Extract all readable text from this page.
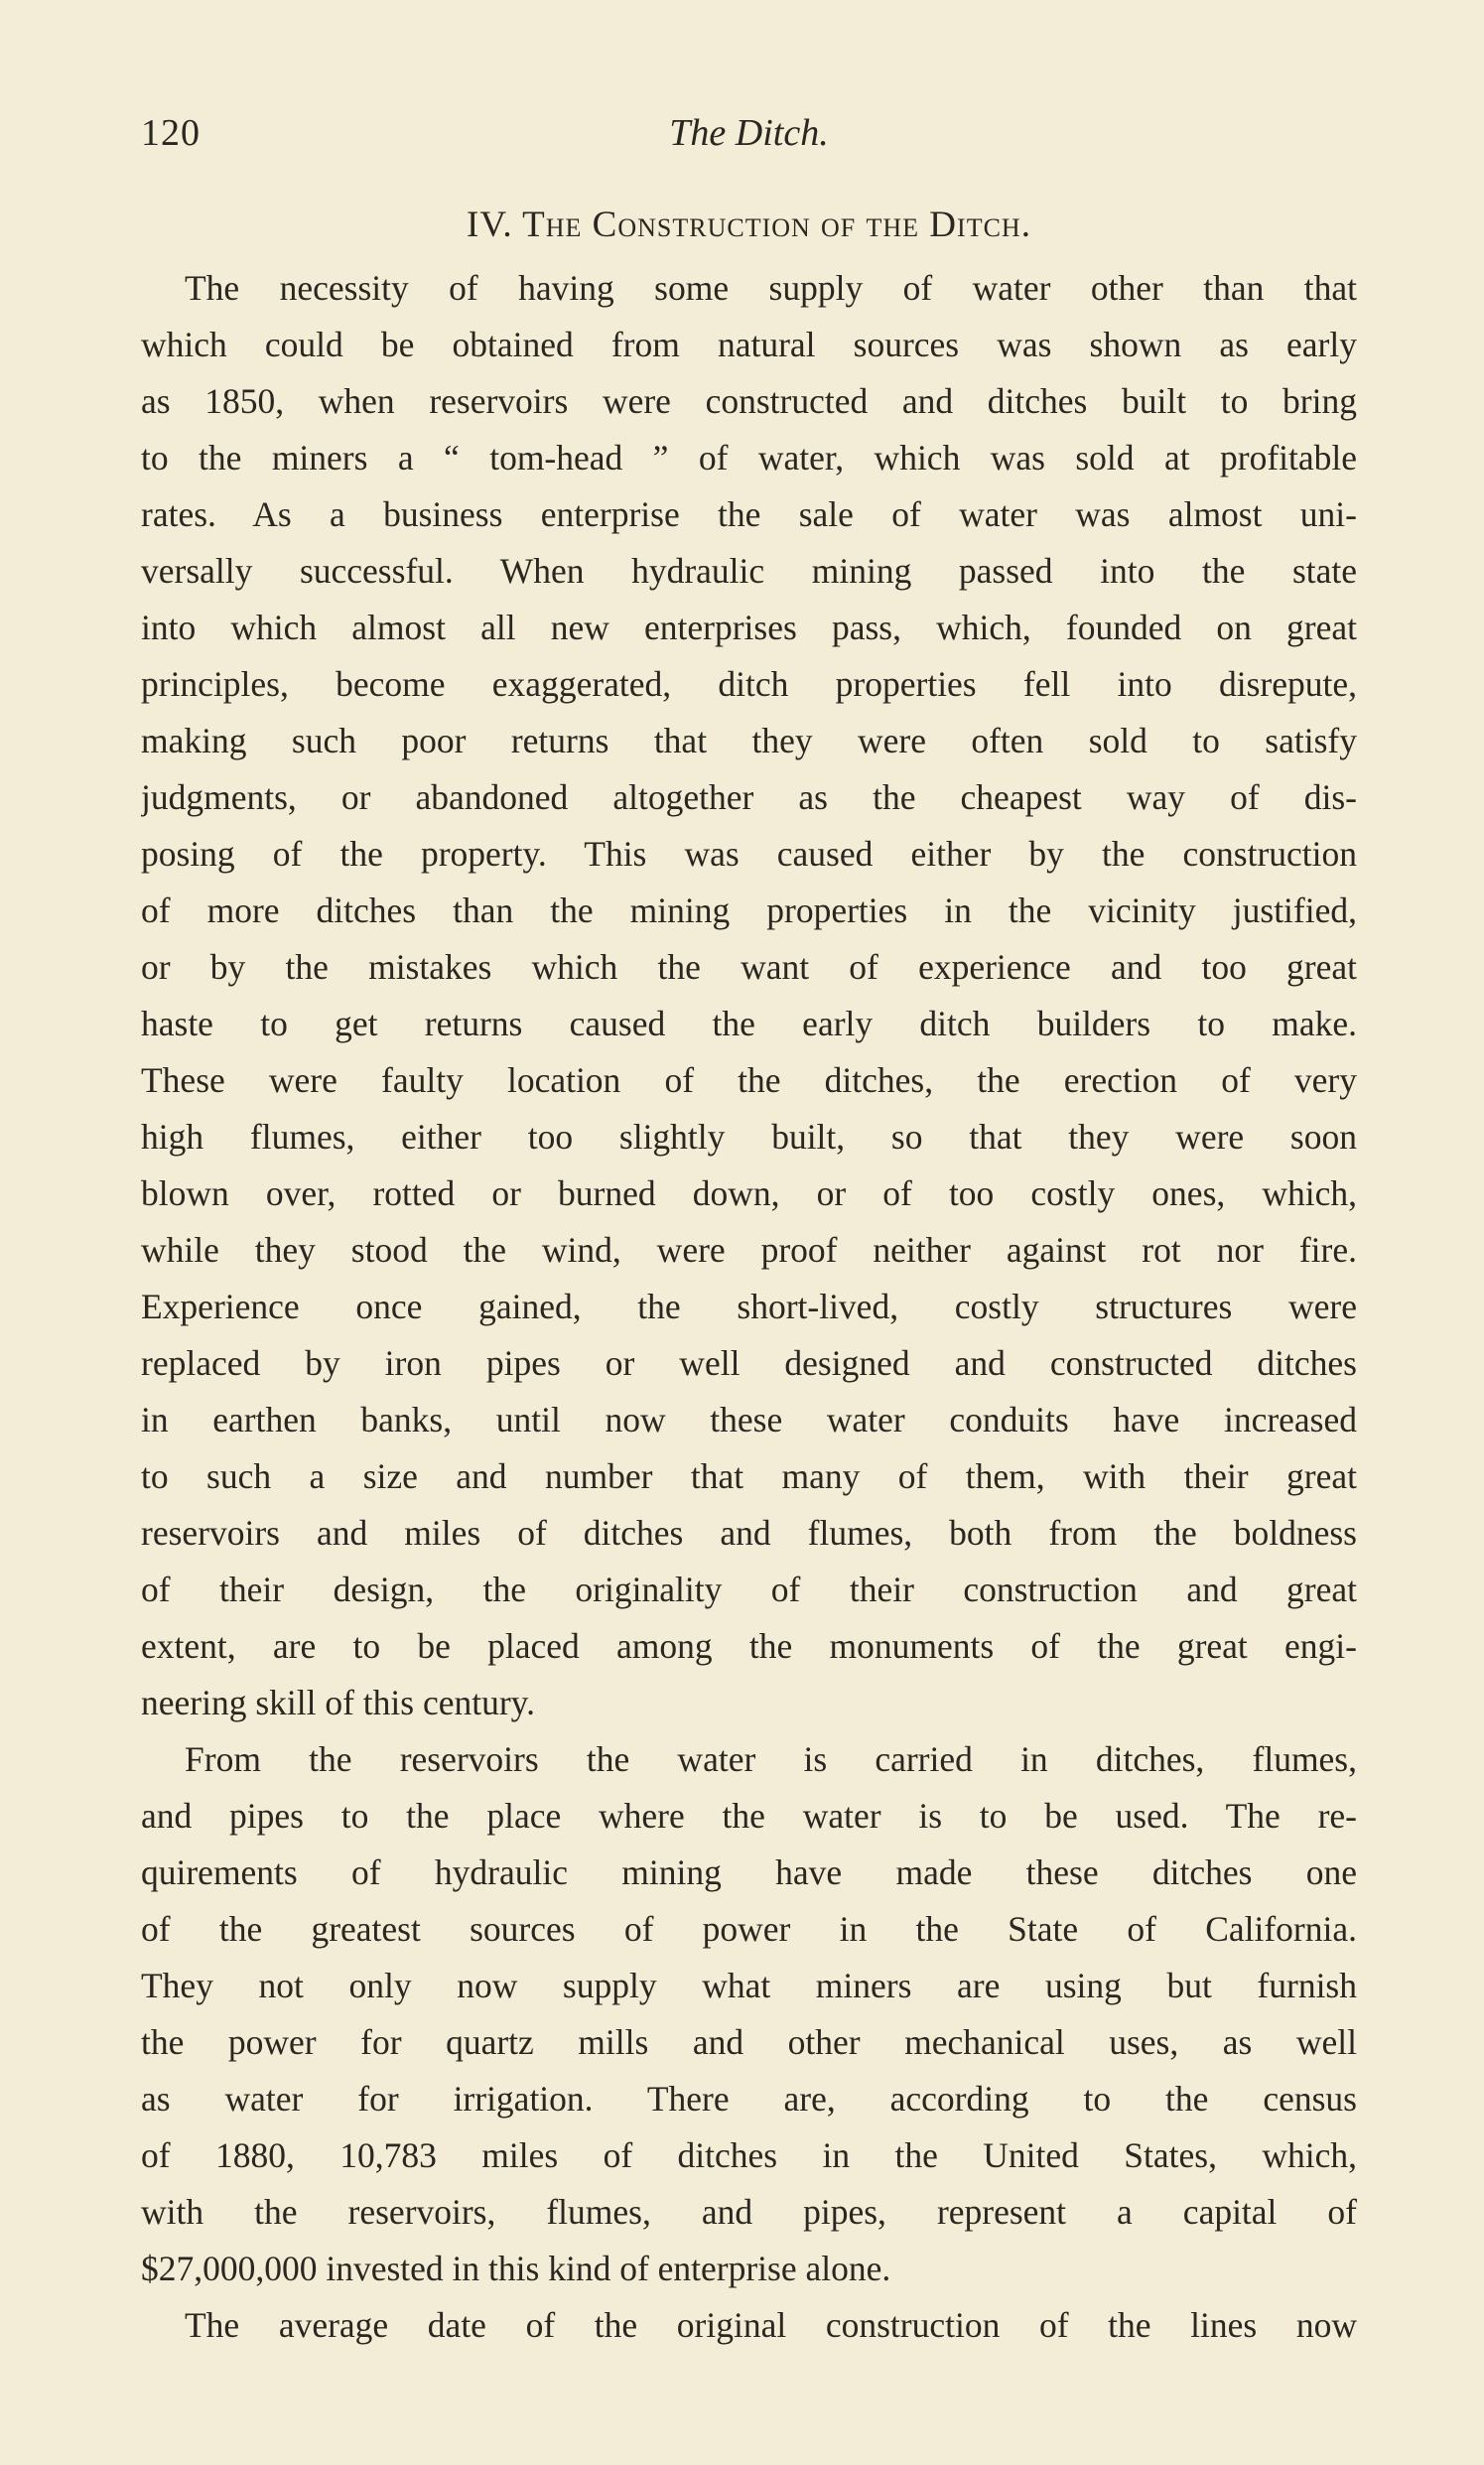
120	The Ditch.
IV. The Construction of the Ditch.
The necessity of having some supply of water other than that
which could be obtained from natural sources was shown as early
as 1850, when reservoirs were constructed and ditches built to bring
to the miners a “ tom-head ” of water, which was sold at profitable
rates. As a business enterprise the sale of water was almost uni-
versally successful. When hydraulic mining passed into the state
into which almost all new enterprises pass, which, founded on great
principles, become exaggerated, ditch properties fell into disrepute,
making such poor returns that they were often sold to satisfy
judgments, or abandoned altogether as the cheapest way of dis-
posing of the property. This was caused either by the construction
of more ditches than the mining properties in the vicinity justified,
or by the mistakes which the want of experience and too great
haste to get returns caused the early ditch builders to make.
These were faulty location of the ditches, the erection of very
high flumes, either too slightly built, so that they were soon
blown over, rotted or burned down, or of too costly ones, which,
while they stood the wind, were proof neither against rot nor fire.
Experience once gained, the short-lived, costly structures were
replaced by iron pipes or well designed and constructed ditches
in earthen banks, until now these water conduits have increased
to such a size and number that many of them, with their great
reservoirs and miles of ditches and flumes, both from the boldness
of their design, the originality of their construction and great
extent, are to be placed among the monuments of the great engi-
neering skill of this century.
From the reservoirs the water is carried in ditches, flumes,
and pipes to the place where the water is to be used. The re-
quirements of hydraulic mining have made these ditches one
of the greatest sources of power in the State of California.
They not only now supply what miners are using but furnish
the power for quartz mills and other mechanical uses, as well
as water for irrigation. There are, according to the census
of 1880, 10,783 miles of ditches in the United States, which,
with the reservoirs, flumes, and pipes, represent a capital of
$27,000,000 invested in this kind of enterprise alone.
The average date of the original construction of the lines now
